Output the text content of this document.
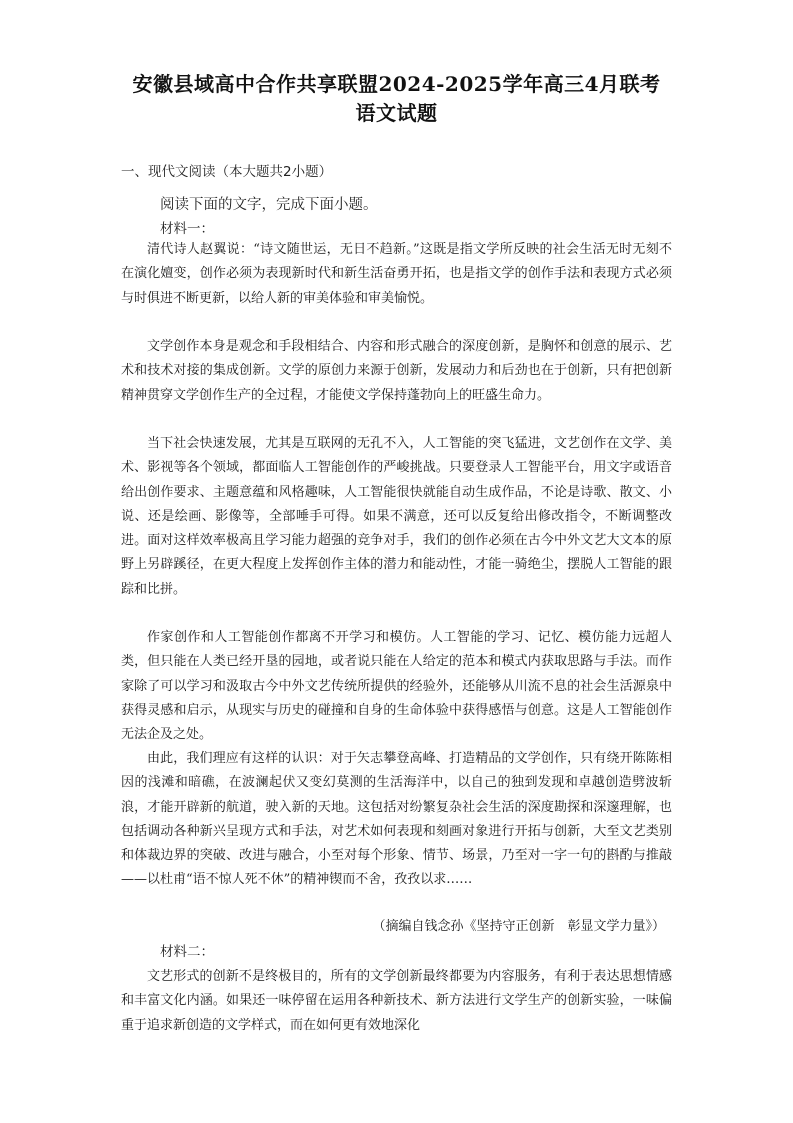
安徽县域高中合作共享联盟2024-2025学年高三4月联考
语文试题
一、现代文阅读（本大题共2小题）
阅读下面的文字，完成下面小题。
材料一：

清代诗人赵翼说：“诗文随世运，无日不趋新。”这既是指文学所反映的社会生活无时无刻不在演化嬗变，创作必须为表现新时代和新生活奋勇开拓，也是指文学的创作手法和表现方式必须与时俱进不断更新，以给人新的审美体验和审美愉悦。

文学创作本身是观念和手段相结合、内容和形式融合的深度创新，是胸怀和创意的展示、艺术和技术对接的集成创新。文学的原创力来源于创新，发展动力和后劲也在于创新，只有把创新精神贯穿文学创作生产的全过程，才能使文学保持蓬勃向上的旺盛生命力。

当下社会快速发展，尤其是互联网的无孔不入，人工智能的突飞猛进，文艺创作在文学、美术、影视等各个领域，都面临人工智能创作的严峻挑战。只要登录人工智能平台，用文字或语音给出创作要求、主题意蕴和风格趣味，人工智能很快就能自动生成作品，不论是诗歌、散文、小说、还是绘画、影像等，全部唾手可得。如果不满意，还可以反复给出修改指令，不断调整改进。面对这样效率极高且学习能力超强的竞争对手，我们的创作必须在古今中外文艺大文本的原野上另辟蹊径，在更大程度上发挥创作主体的潜力和能动性，才能一骑绝尘，摆脱人工智能的跟踪和比拼。

作家创作和人工智能创作都离不开学习和模仿。人工智能的学习、记忆、模仿能力远超人类，但只能在人类已经开垦的园地，或者说只能在人给定的范本和模式内获取思路与手法。而作家除了可以学习和汲取古今中外文艺传统所提供的经验外，还能够从川流不息的社会生活源泉中获得灵感和启示，从现实与历史的碰撞和自身的生命体验中获得感悟与创意。这是人工智能创作无法企及之处。

由此，我们理应有这样的认识：对于矢志攀登高峰、打造精品的文学创作，只有绕开陈陈相因的浅滩和暗礁，在波澜起伏又变幻莫测的生活海洋中，以自己的独到发现和卓越创造劈波斩浪，才能开辟新的航道，驶入新的天地。这包括对纷繁复杂社会生活的深度勘探和深邃理解，也包括调动各种新兴呈现方式和手法，对艺术如何表现和刻画对象进行开拓与创新，大至文艺类别和体裁边界的突破、改进与融合，小至对每个形象、情节、场景，乃至对一字一句的斟酌与推敲——以杜甫“语不惊人死不休”的精神锲而不舍，孜孜以求……

（摘编自钱念孙《坚持守正创新　彰显文学力量》）
材料二：

文艺形式的创新不是终极目的，所有的文学创新最终都要为内容服务，有利于表达思想情感和丰富文化内涵。如果还一味停留在运用各种新技术、新方法进行文学生产的创新实验，一味偏重于追求新创造的文学样式，而在如何更有效地深化
